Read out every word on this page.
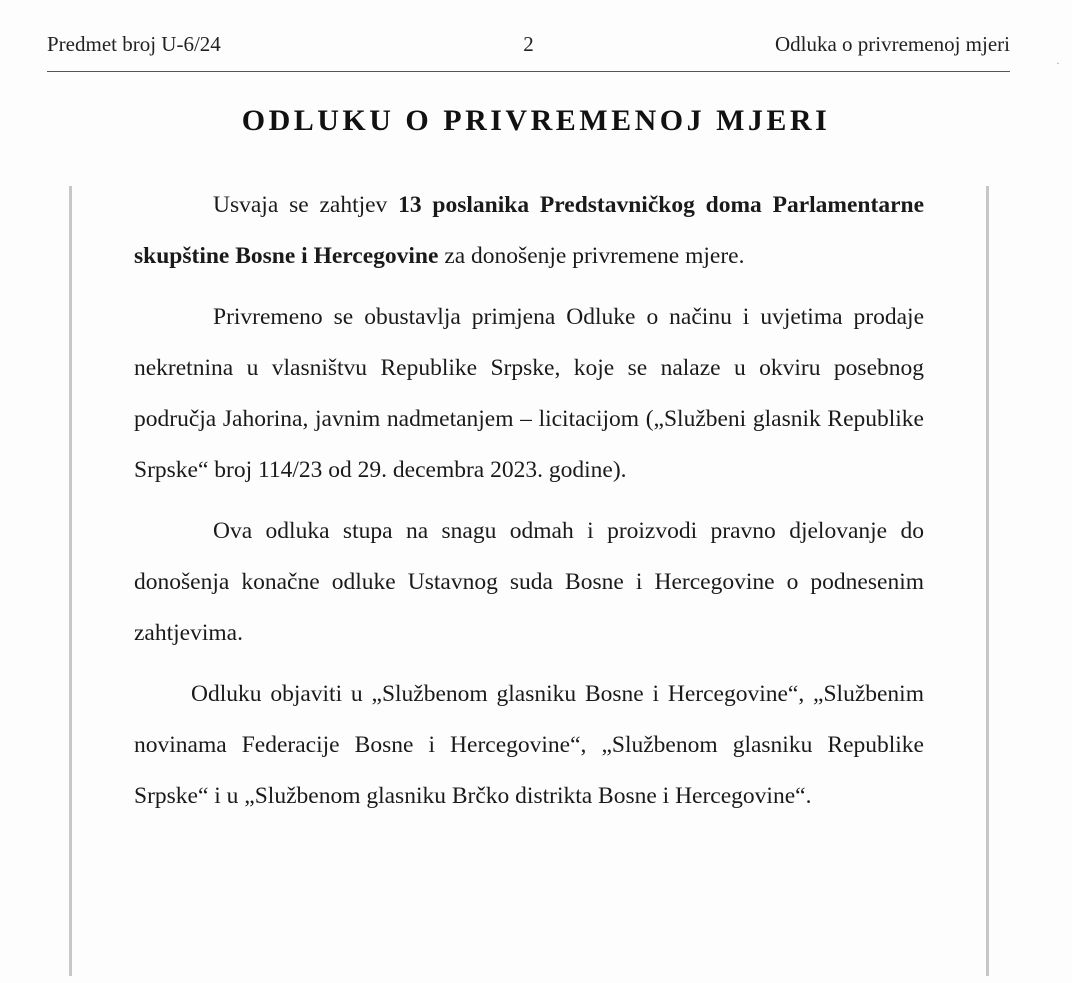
Predmet broj U-6/24	2	Odluka o privremenoj mjeri
·
ODLUKU O PRIVREMENOJ MJERI

Usvaja se zahtjev 13 poslanika Predstavničkog doma Parlamentarne skupštine Bosne i Hercegovine za donošenje privremene mjere.

Privremeno se obustavlja primjena Odluke o načinu i uvjetima prodaje nekretnina u vlasništvu Republike Srpske, koje se nalaze u okviru posebnog područja Jahorina, javnim nadmetanjem – licitacijom („Službeni glasnik Republike Srpske“ broj 114/23 od 29. decembra 2023. godine).

Ova odluka stupa na snagu odmah i proizvodi pravno djelovanje do donošenja konačne odluke Ustavnog suda Bosne i Hercegovine o podnesenim zahtjevima.

Odluku objaviti u „Službenom glasniku Bosne i Hercegovine“, „Službenim novinama Federacije Bosne i Hercegovine“, „Službenom glasniku Republike Srpske“ i u „Službenom glasniku Brčko distrikta Bosne i Hercegovine“.
